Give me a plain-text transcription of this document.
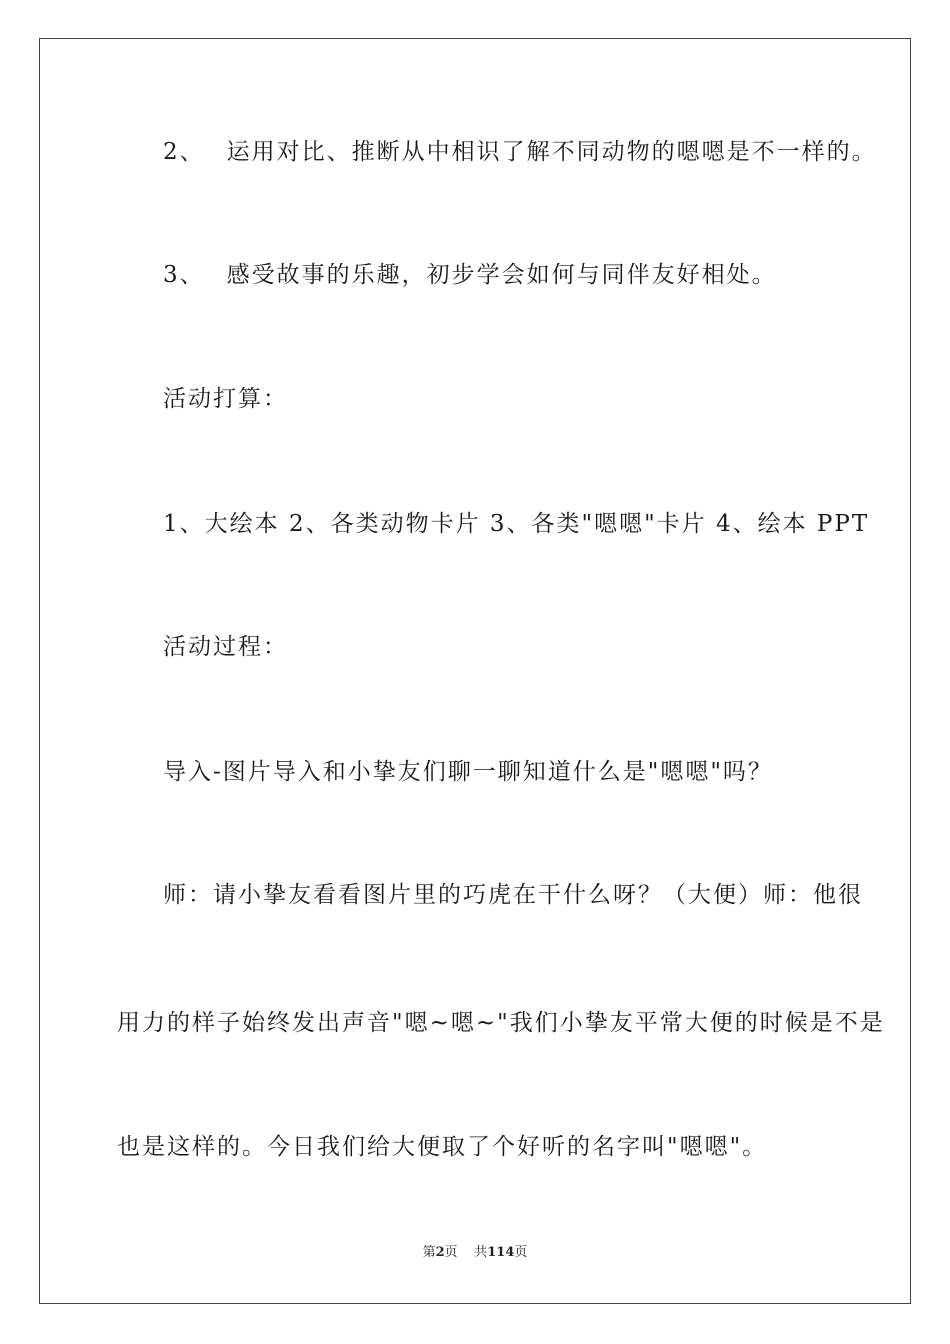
2、 运用对比、推断从中相识了解不同动物的嗯嗯是不一样的。
3、 感受故事的乐趣，初步学会如何与同伴友好相处。
活动打算：
1、大绘本 2、各类动物卡片 3、各类"嗯嗯"卡片 4、绘本 PPT
活动过程：
导入-图片导入和小挚友们聊一聊知道什么是"嗯嗯"吗？
师：请小挚友看看图片里的巧虎在干什么呀？（大便）师：他很
用力的样子始终发出声音"嗯~嗯~"我们小挚友平常大便的时候是不是
也是这样的。今日我们给大便取了个好听的名字叫"嗯嗯"。
第2页 共114页
